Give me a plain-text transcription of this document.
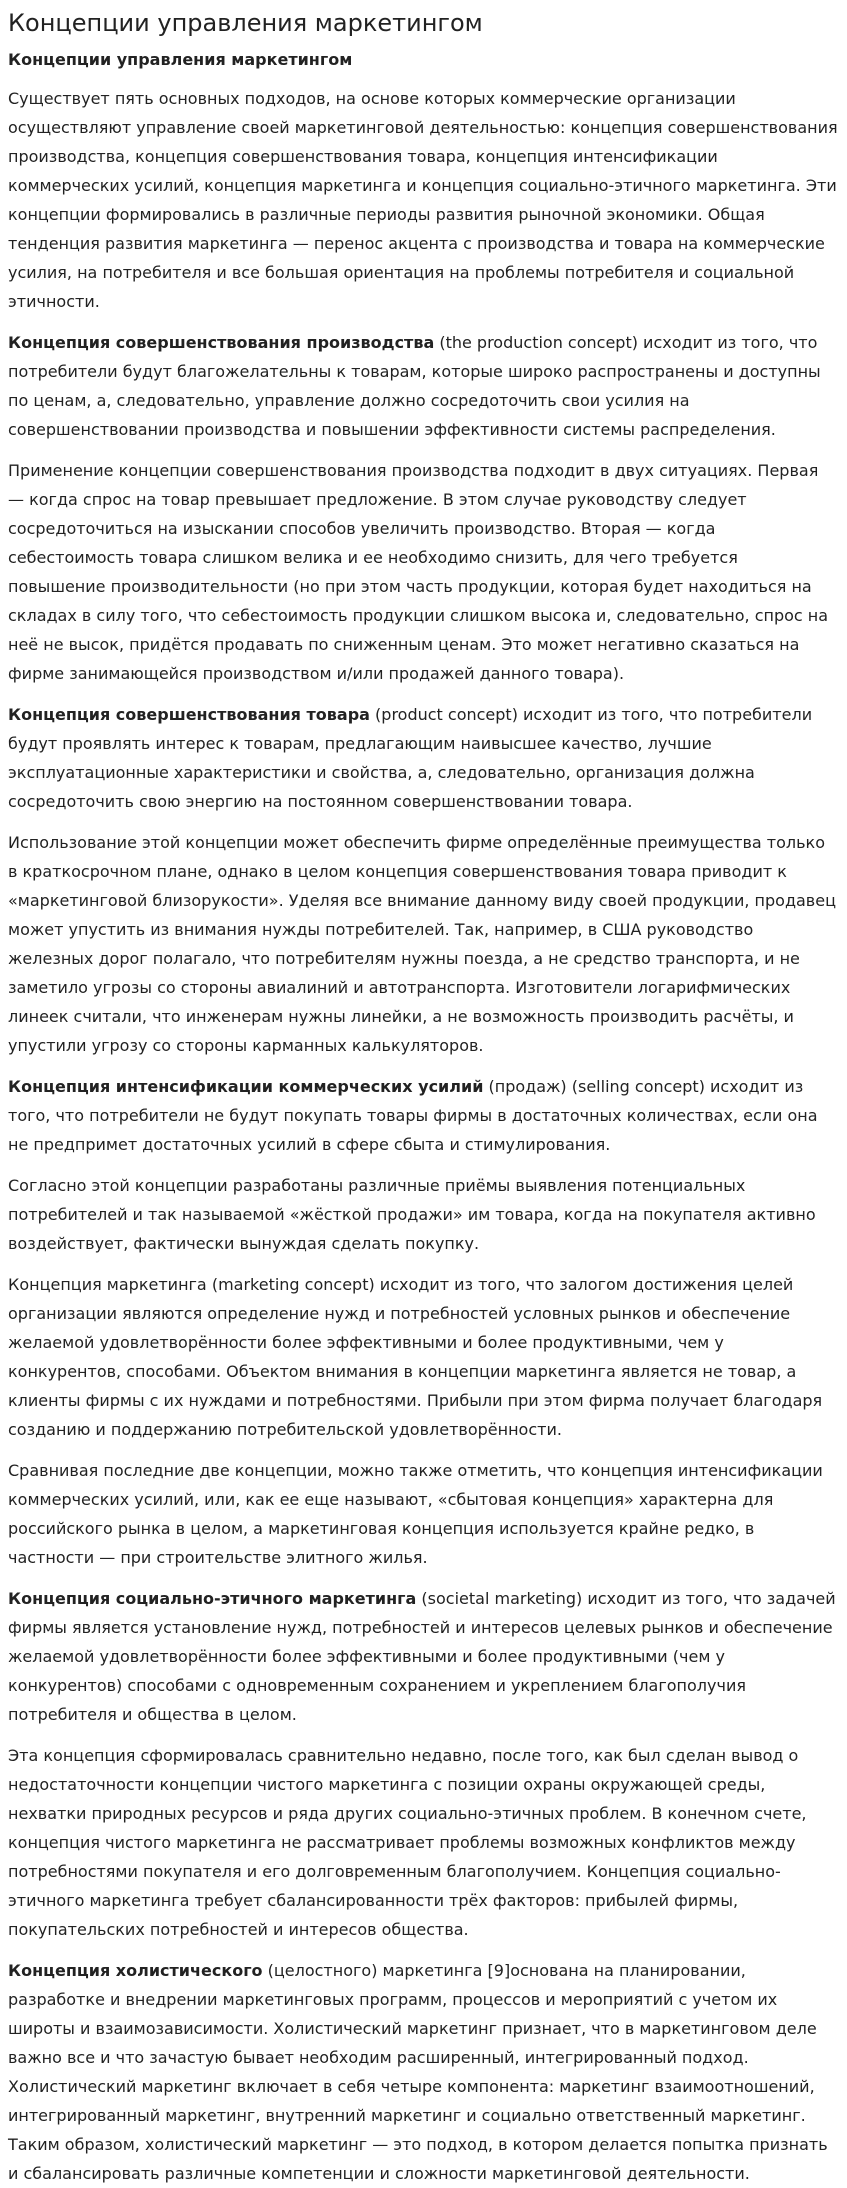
Концепции управления маркетингом
Концепции управления маркетингом

Существует пять основных подходов, на основе которых коммерческие организации осуществляют управление своей маркетинговой деятельностью: концепция совершенствования производства, концепция совершенствования товара, концепция интенсификации коммерческих усилий, концепция маркетинга и концепция социально-этичного маркетинга. Эти концепции формировались в различные периоды развития рыночной экономики. Общая тенденция развития маркетинга — перенос акцента с производства и товара на коммерческие усилия, на потребителя и все большая ориентация на проблемы потребителя и социальной этичности.

Концепция совершенствования производства (the production concept) исходит из того, что потребители будут благожелательны к товарам, которые широко распространены и доступны по ценам, а, следовательно, управление должно сосредоточить свои усилия на совершенствовании производства и повышении эффективности системы распределения.

Применение концепции совершенствования производства подходит в двух ситуациях. Первая — когда спрос на товар превышает предложение. В этом случае руководству следует сосредоточиться на изыскании способов увеличить производство. Вторая — когда себестоимость товара слишком велика и ее необходимо снизить, для чего требуется повышение производительности (но при этом часть продукции, которая будет находиться на складах в силу того, что себестоимость продукции слишком высока и, следовательно, спрос на неё не высок, придётся продавать по сниженным ценам. Это может негативно сказаться на фирме занимающейся производством и/или продажей данного товара).

Концепция совершенствования товара (product concept) исходит из того, что потребители будут проявлять интерес к товарам, предлагающим наивысшее качество, лучшие эксплуатационные характеристики и свойства, а, следовательно, организация должна сосредоточить свою энергию на постоянном совершенствовании товара.

Использование этой концепции может обеспечить фирме определённые преимущества только в краткосрочном плане, однако в целом концепция совершенствования товара приводит к «маркетинговой близорукости». Уделяя все внимание данному виду своей продукции, продавец может упустить из внимания нужды потребителей. Так, например, в США руководство железных дорог полагало, что потребителям нужны поезда, а не средство транспорта, и не заметило угрозы со стороны авиалиний и автотранспорта. Изготовители логарифмических линеек считали, что инженерам нужны линейки, а не возможность производить расчёты, и упустили угрозу со стороны карманных калькуляторов.

Концепция интенсификации коммерческих усилий (продаж) (selling concept) исходит из того, что потребители не будут покупать товары фирмы в достаточных количествах, если она не предпримет достаточных усилий в сфере сбыта и стимулирования.

Согласно этой концепции разработаны различные приёмы выявления потенциальных потребителей и так называемой «жёсткой продажи» им товара, когда на покупателя активно воздействует, фактически вынуждая сделать покупку.

Концепция маркетинга (marketing concept) исходит из того, что залогом достижения целей организации являются определение нужд и потребностей условных рынков и обеспечение желаемой удовлетворённости более эффективными и более продуктивными, чем у конкурентов, способами. Объектом внимания в концепции маркетинга является не товар, а клиенты фирмы с их нуждами и потребностями. Прибыли при этом фирма получает благодаря созданию и поддержанию потребительской удовлетворённости.

Сравнивая последние две концепции, можно также отметить, что концепция интенсификации коммерческих усилий, или, как ее еще называют, «сбытовая концепция» характерна для российского рынка в целом, а маркетинговая концепция используется крайне редко, в частности — при строительстве элитного жилья.

Концепция социально-этичного маркетинга (societal marketing) исходит из того, что задачей фирмы является установление нужд, потребностей и интересов целевых рынков и обеспечение желаемой удовлетворённости более эффективными и более продуктивными (чем у конкурентов) способами с одновременным сохранением и укреплением благополучия потребителя и общества в целом.

Эта концепция сформировалась сравнительно недавно, после того, как был сделан вывод о недостаточности концепции чистого маркетинга с позиции охраны окружающей среды, нехватки природных ресурсов и ряда других социально-этичных проблем. В конечном счете, концепция чистого маркетинга не рассматривает проблемы возможных конфликтов между потребностями покупателя и его долговременным благополучием. Концепция социально-этичного маркетинга требует сбалансированности трёх факторов: прибылей фирмы, покупательских потребностей и интересов общества.

Концепция холистического (целостного) маркетинга [9]основана на планировании, разработке и внедрении маркетинговых программ, процессов и мероприятий с учетом их широты и взаимозависимости. Холистический маркетинг признает, что в маркетинговом деле важно все и что зачастую бывает необходим расширенный, интегрированный подход. Холистический маркетинг включает в себя четыре компонента: маркетинг взаимоотношений, интегрированный маркетинг, внутренний маркетинг и социально ответственный маркетинг. Таким образом, холистический маркетинг — это подход, в котором делается попытка признать и сбалансировать различные компетенции и сложности маркетинговой деятельности.
